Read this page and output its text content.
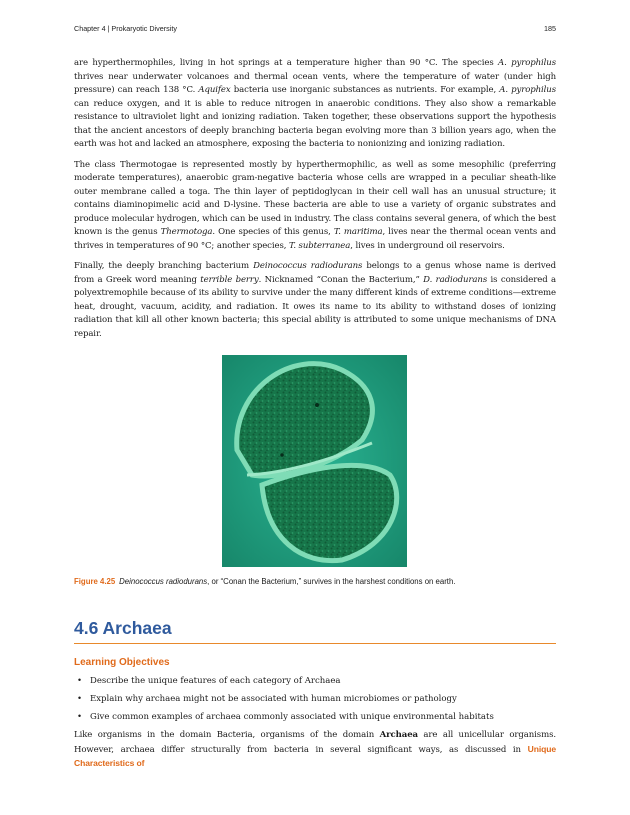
Chapter 4 | Prokaryotic Diversity	185

are hyperthermophiles, living in hot springs at a temperature higher than 90 °C. The species A. pyrophilus thrives near underwater volcanoes and thermal ocean vents, where the temperature of water (under high pressure) can reach 138 °C. Aquifex bacteria use inorganic substances as nutrients. For example, A. pyrophilus can reduce oxygen, and it is able to reduce nitrogen in anaerobic conditions. They also show a remarkable resistance to ultraviolet light and ionizing radiation. Taken together, these observations support the hypothesis that the ancient ancestors of deeply branching bacteria began evolving more than 3 billion years ago, when the earth was hot and lacked an atmosphere, exposing the bacteria to nonionizing and ionizing radiation.

The class Thermotogae is represented mostly by hyperthermophilic, as well as some mesophilic (preferring moderate temperatures), anaerobic gram-negative bacteria whose cells are wrapped in a peculiar sheath-like outer membrane called a toga. The thin layer of peptidoglycan in their cell wall has an unusual structure; it contains diaminopimelic acid and D-lysine. These bacteria are able to use a variety of organic substrates and produce molecular hydrogen, which can be used in industry. The class contains several genera, of which the best known is the genus Thermotoga. One species of this genus, T. maritima, lives near the thermal ocean vents and thrives in temperatures of 90 °C; another species, T. subterranea, lives in underground oil reservoirs.

Finally, the deeply branching bacterium Deinococcus radiodurans belongs to a genus whose name is derived from a Greek word meaning terrible berry. Nicknamed “Conan the Bacterium,” D. radiodurans is considered a polyextremophile because of its ability to survive under the many different kinds of extreme conditions—extreme heat, drought, vacuum, acidity, and radiation. It owes its name to its ability to withstand doses of ionizing radiation that kill all other known bacteria; this special ability is attributed to some unique mechanisms of DNA repair.

Figure 4.25 Deinococcus radiodurans, or “Conan the Bacterium,” survives in the harshest conditions on earth.

4.6 Archaea
Learning Objectives
• Describe the unique features of each category of Archaea
• Explain why archaea might not be associated with human microbiomes or pathology
• Give common examples of archaea commonly associated with unique environmental habitats

Like organisms in the domain Bacteria, organisms of the domain Archaea are all unicellular organisms. However, archaea differ structurally from bacteria in several significant ways, as discussed in Unique Characteristics of
